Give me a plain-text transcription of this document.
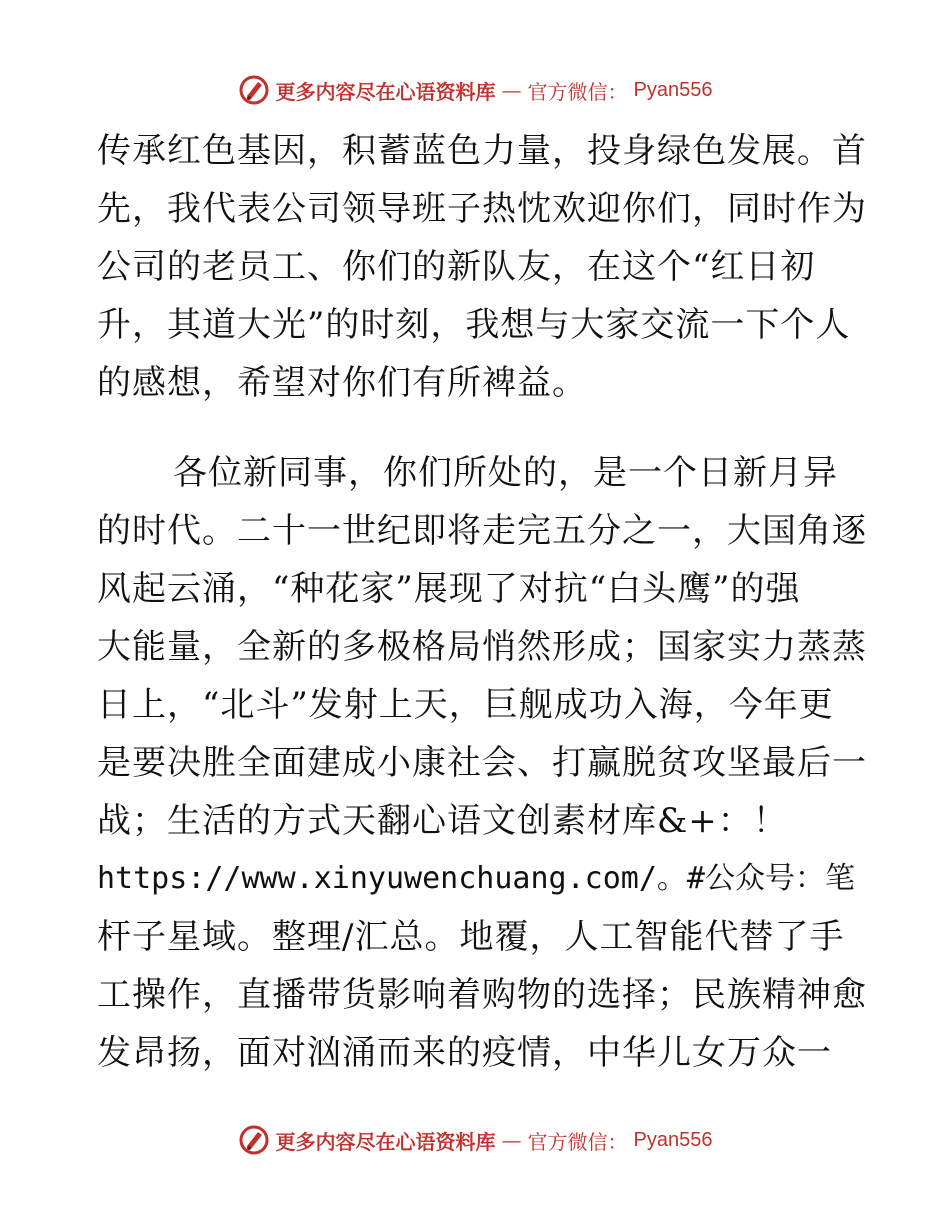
更多内容尽在心语资料库 — 官方微信： Pyan556
传承红色基因，积蓄蓝色力量，投身绿色发展。首
先，我代表公司领导班子热忱欢迎你们，同时作为
公司的老员工、你们的新队友，在这个“红日初
升，其道大光”的时刻，我想与大家交流一下个人
的感想，希望对你们有所裨益。
各位新同事，你们所处的，是一个日新月异
的时代。二十一世纪即将走完五分之一，大国角逐
风起云涌，“种花家”展现了对抗“白头鹰”的强
大能量，全新的多极格局悄然形成；国家实力蒸蒸
日上，“北斗”发射上天，巨舰成功入海，今年更
是要决胜全面建成小康社会、打赢脱贫攻坚最后一
战；生活的方式天翻心语文创素材库&+：！
https://www.xinyuwenchuang.com/。#公众号：笔
杆子星域。整理/汇总。地覆，人工智能代替了手
工操作，直播带货影响着购物的选择；民族精神愈
发昂扬，面对汹涌而来的疫情，中华儿女万众一
更多内容尽在心语资料库 — 官方微信： Pyan556
